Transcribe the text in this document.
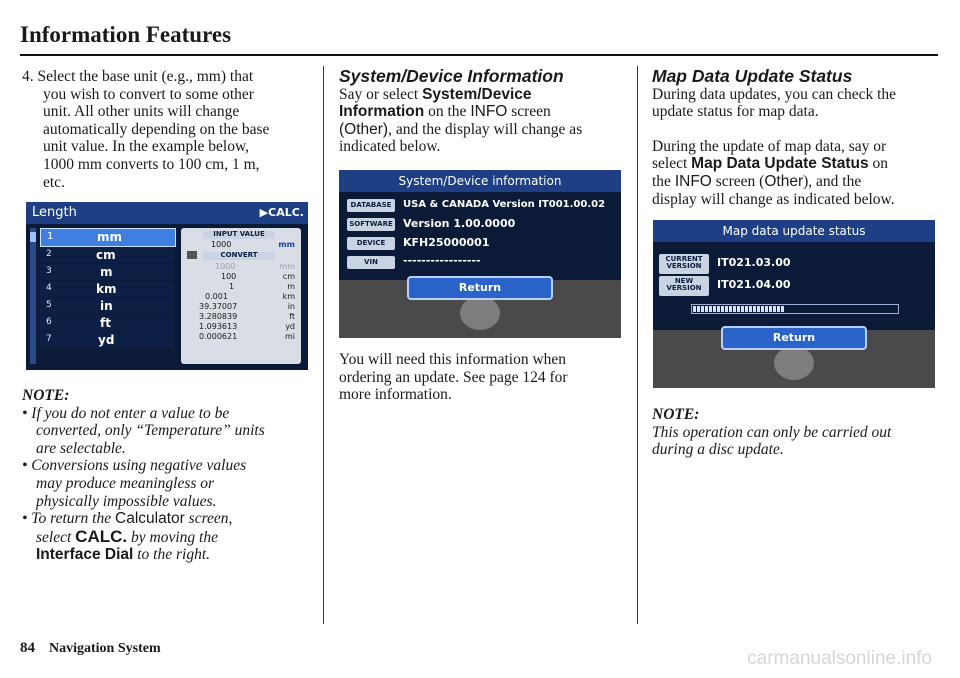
Information Features

4. Select the base unit (e.g., mm) that

you wish to convert to some other

unit. All other units will change

automatically depending on the base

unit value. In the example below,

1000 mm converts to 100 cm, 1 m,

etc.

Length	▶CALC.
1	mm
2	cm
3	m
4	km
5	in
6	ft
7	yd
INPUT VALUE
1000	mm
CONVERT
1000	mm
100	cm
1	m
0.001	km
39.37007	in
3.280839	ft
1.093613	yd
0.000621	mi

NOTE:

• If you do not enter a value to be

converted, only “Temperature” units

are selectable.

• Conversions using negative values

may produce meaningless or

physically impossible values.

• To return the Calculator screen,

select CALC. by moving the

Interface Dial to the right.

System/Device Information

Say or select System/Device

Information on the INFO screen

(Other), and the display will change as

indicated below.

System/Device information
DATABASE	USA & CANADA Version IT001.00.02
SOFTWARE Version 1.00.0000
DEVICE	KFH25000001
VIN	-----------------
Return

You will need this information when

ordering an update. See page 124 for

more information.

Map Data Update Status

During data updates, you can check the

update status for map data.

During the update of map data, say or

select Map Data Update Status on

the INFO screen (Other), and the

display will change as indicated below.

Map data update status
CURRENT
VERSION	IT021.03.00
NEW
VERSION	IT021.04.00
Return

NOTE:

This operation can only be carried out

during a disc update.

84 Navigation System	carmanualsonline.info
